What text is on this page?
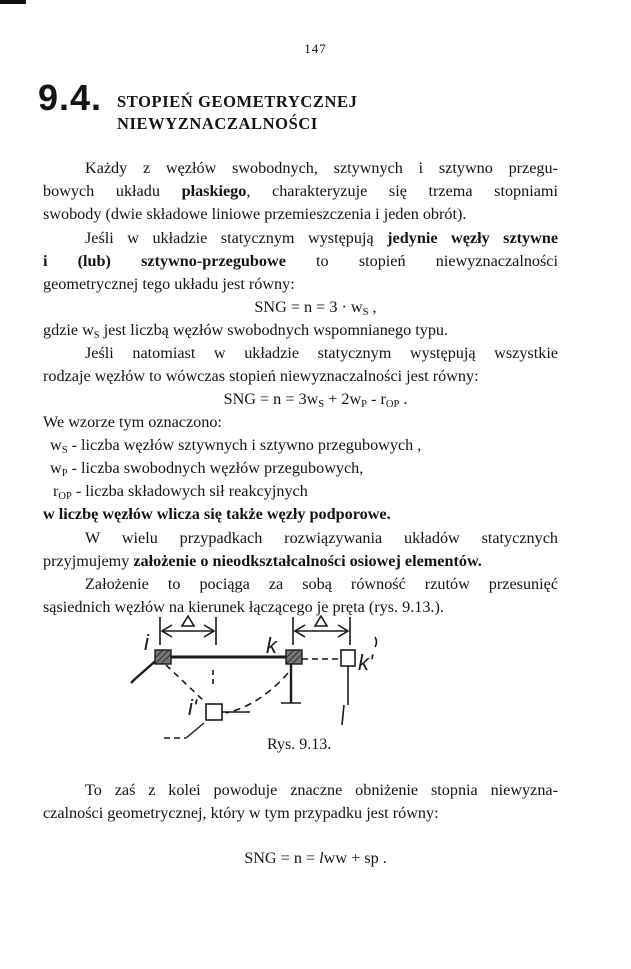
147
9.4. STOPIEŃ GEOMETRYCZNEJ
NIEWYZNACZALNOŚCI
Każdy z węzłów swobodnych, sztywnych i sztywno przegu-
bowych układu płaskiego, charakteryzuje się trzema stopniami
swobody (dwie składowe liniowe przemieszczenia i jeden obrót).
Jeśli w układzie statycznym występują jedynie węzły sztywne
i (lub) sztywno-przegubowe to stopień niewyznaczalności
geometrycznej tego układu jest równy:
SNG = $n = 3 \cdot w_S$ ,
gdzie $w_S$ jest liczbą węzłów swobodnych wspomnianego typu.
Jeśli natomiast w układzie statycznym występują wszystkie
rodzaje węzłów to wówczas stopień niewyznaczalności jest równy:
SNG = $n = 3w_S + 2w_P - r_{OP}$ .
We wzorze tym oznaczono:
$w_S$ - liczba węzłów sztywnych i sztywno przegubowych ,
$w_P$ - liczba swobodnych węzłów przegubowych,
$r_{OP}$ - liczba składowych sił reakcyjnych
w liczbę węzłów wlicza się także węzły podporowe.
W wielu przypadkach rozwiązywania układów statycznych
przyjmujemy założenie o nieodkształcalności osiowej elementów.
Założenie to pociąga za sobą równość rzutów przesunięć
sąsiednich węzłów na kierunek łączącego je pręta (rys. 9.13.).
i	k
k'
i'
Rys. 9.13.
To zaś z kolei powoduje znaczne obniżenie stopnia niewyzna-
czalności geometrycznej, który w tym przypadku jest równy:
SNG = n = lww + sp .
